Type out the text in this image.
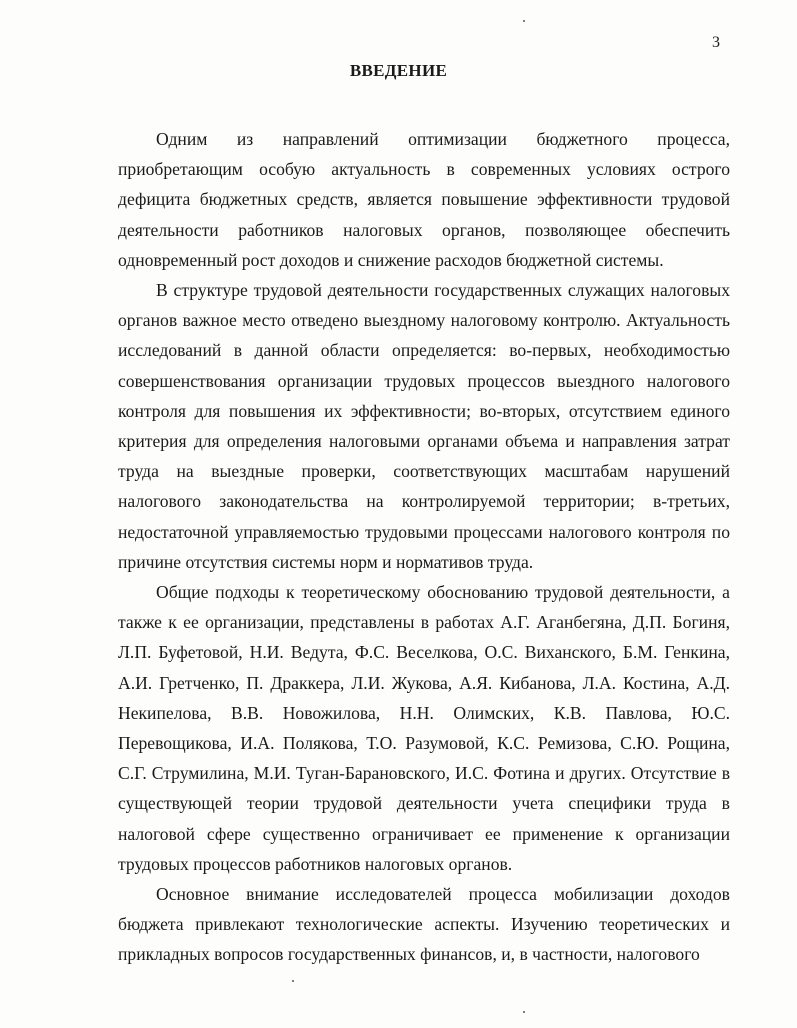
3
ВВЕДЕНИЕ

Одним из направлений оптимизации бюджетного процесса, приобретающим особую актуальность в современных условиях острого дефицита бюджетных средств, является повышение эффективности трудовой деятельности работников налоговых органов, позволяющее обеспечить одновременный рост доходов и снижение расходов бюджетной системы.

В структуре трудовой деятельности государственных служащих налоговых органов важное место отведено выездному налоговому контролю. Актуальность исследований в данной области определяется: во-первых, необходимостью совершенствования организации трудовых процессов выездного налогового контроля для повышения их эффективности; во-вторых, отсутствием единого критерия для определения налоговыми органами объема и направления затрат труда на выездные проверки, соответствующих масштабам нарушений налогового законодательства на контролируемой территории; в-третьих, недостаточной управляемостью трудовыми процессами налогового контроля по причине отсутствия системы норм и нормативов труда.

Общие подходы к теоретическому обоснованию трудовой деятельности, а также к ее организации, представлены в работах А.Г. Аганбегяна, Д.П. Богиня, Л.П. Буфетовой, Н.И. Ведута, Ф.С. Веселкова, О.С. Виханского, Б.М. Генкина, А.И. Гретченко, П. Драккера, Л.И. Жукова, А.Я. Кибанова, Л.А. Костина, А.Д. Некипелова, В.В. Новожилова, Н.Н. Олимских, К.В. Павлова, Ю.С. Перевощикова, И.А. Полякова, Т.О. Разумовой, К.С. Ремизова, С.Ю. Рощина, С.Г. Струмилина, М.И. Туган-Барановского, И.С. Фотина и других. Отсутствие в существующей теории трудовой деятельности учета специфики труда в налоговой сфере существенно ограничивает ее применение к организации трудовых процессов работников налоговых органов.

Основное внимание исследователей процесса мобилизации доходов бюджета привлекают технологические аспекты. Изучению теоретических и прикладных вопросов государственных финансов, и, в частности, налогового
